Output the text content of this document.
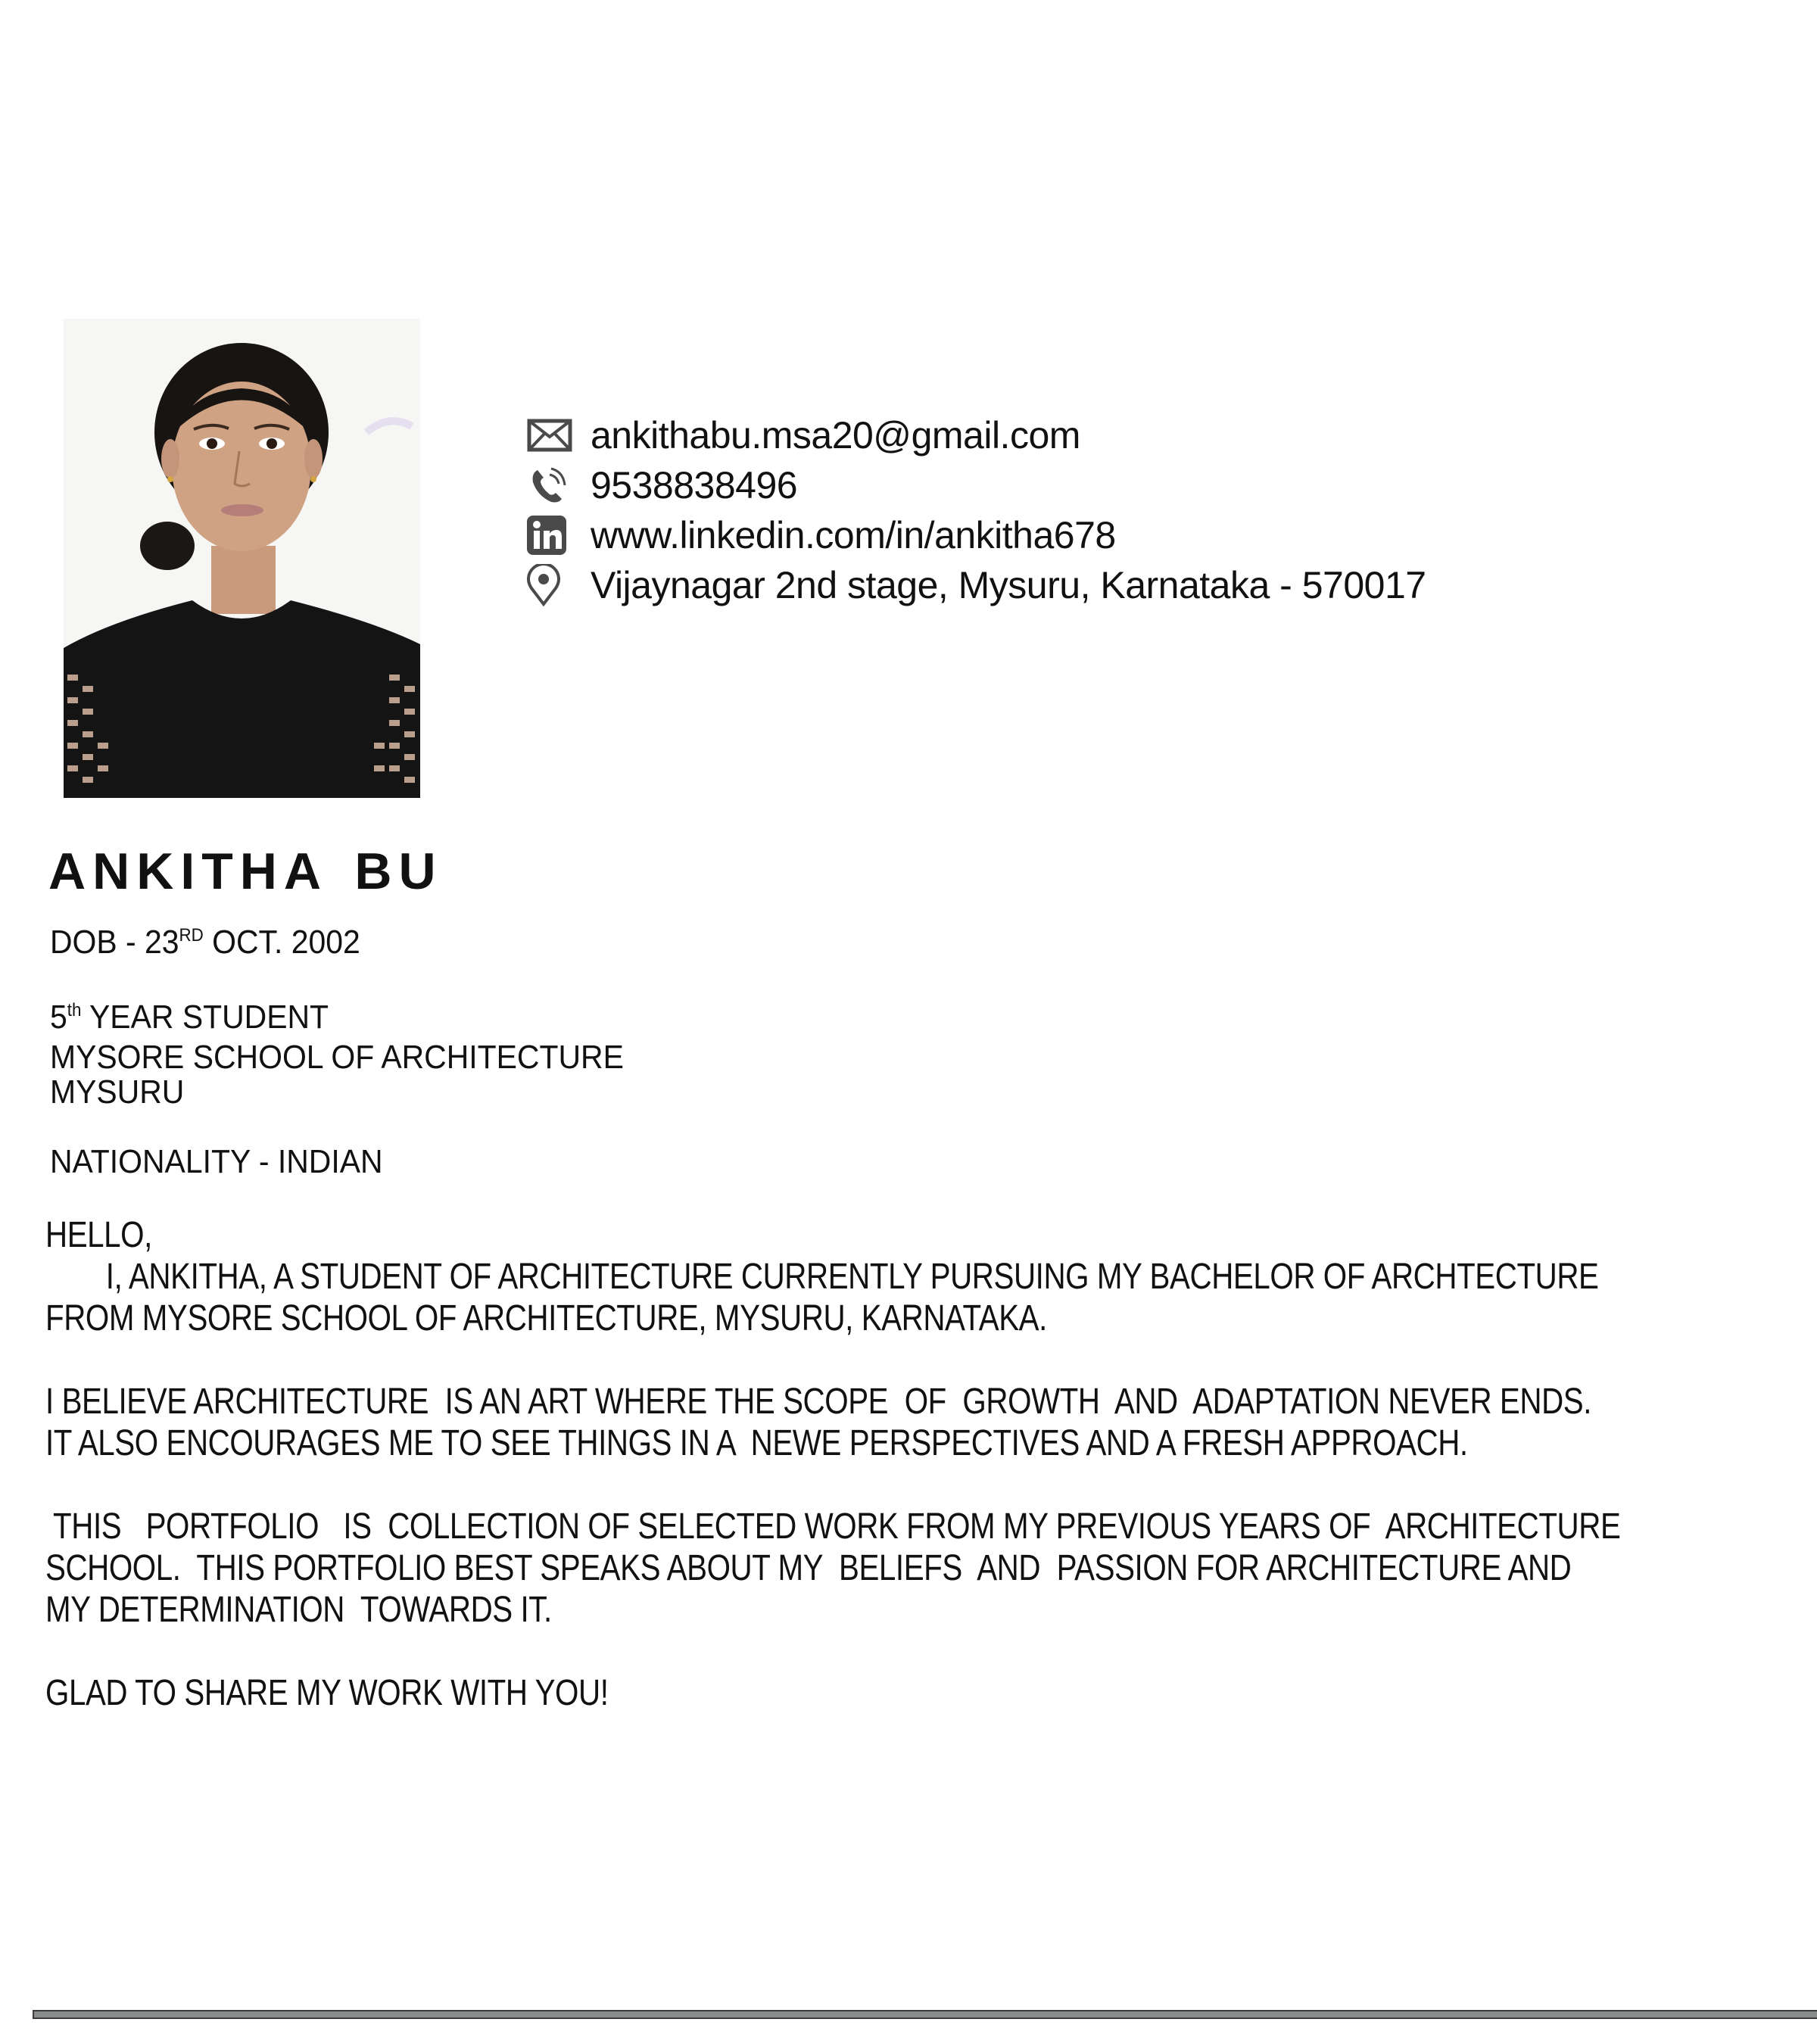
ankithabu.msa20@gmail.com
9538838496
www.linkedin.com/in/ankitha678
Vijaynagar 2nd stage, Mysuru, Karnataka - 570017
ANKITHA BU
DOB - 23RD OCT. 2002
5th YEAR STUDENT
MYSORE SCHOOL OF ARCHITECTURE
MYSURU
NATIONALITY - INDIAN
HELLO,
I, ANKITHA, A STUDENT OF ARCHITECTURE CURRENTLY PURSUING MY BACHELOR OF ARCHTECTURE
FROM MYSORE SCHOOL OF ARCHITECTURE, MYSURU, KARNATAKA.
I BELIEVE ARCHITECTURE  IS AN ART WHERE THE SCOPE  OF  GROWTH  AND  ADAPTATION NEVER ENDS.
IT ALSO ENCOURAGES ME TO SEE THINGS IN A  NEWE PERSPECTIVES AND A FRESH APPROACH.
THIS   PORTFOLIO   IS  COLLECTION OF SELECTED WORK FROM MY PREVIOUS YEARS OF  ARCHITECTURE
SCHOOL.  THIS PORTFOLIO BEST SPEAKS ABOUT MY  BELIEFS  AND  PASSION FOR ARCHITECTURE AND
MY DETERMINATION  TOWARDS IT.
GLAD TO SHARE MY WORK WITH YOU!
